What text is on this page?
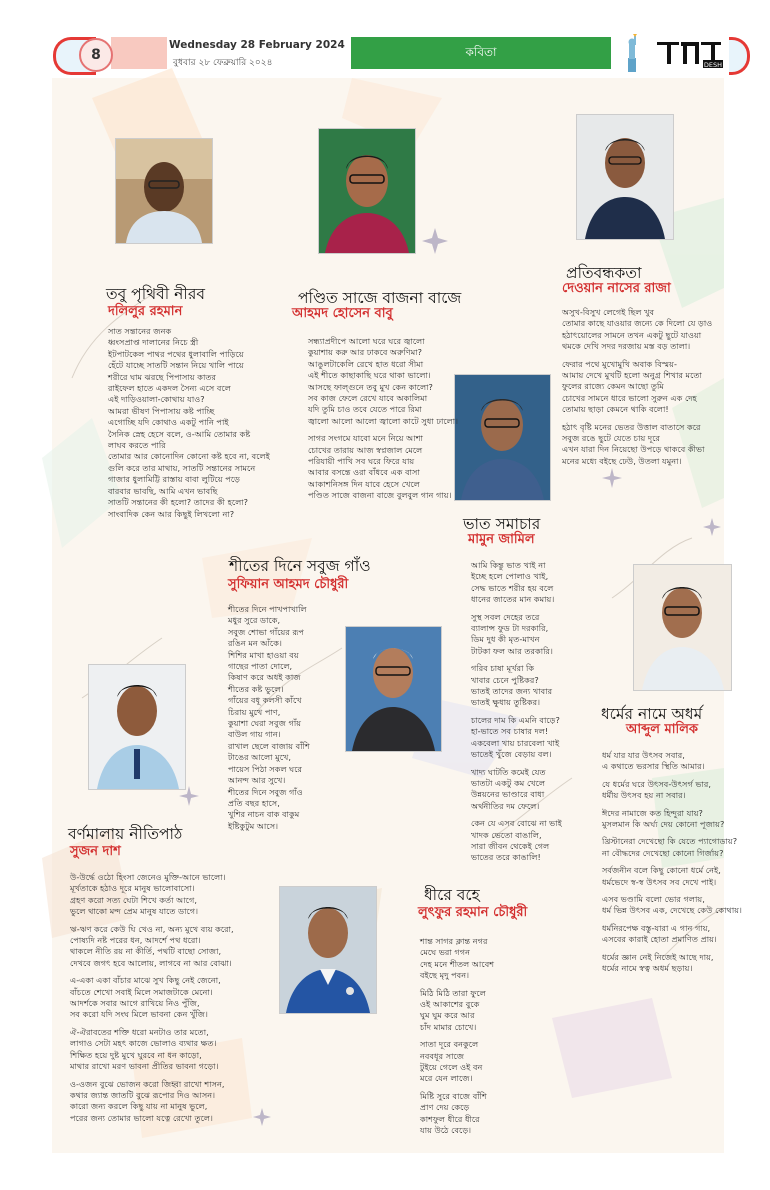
8
Wednesday 28 February 2024
বুধবার ২৮ ফেব্রুয়ারি ২০২৪
কবিতা
DESH
তবু পৃথিবী নীরব
দলিলুর রহমান

সাত সন্তানের জনক

ধ্বংসপ্রাপ্ত দালানের নিচে স্ত্রী

ইটপাটকেল পাথর পথের ধুলাবালি পাড়িয়ে

হেঁটে যাচ্ছে সাতটি সন্তান নিয়ে খালি পায়ে

শরীরে ঘাম ঝরছে পিপাসায় কাতর

রাইফেল হাতে একদল সৈন্য এসে বলে

এই দাড়িওয়ালা-কোথায় যাও?

আমরা ভীষণ পিপাসায় কষ্ট পাচ্ছি

এগোচ্ছি যদি কোথাও একটু পানি পাই

সৈনিক স্নেহ হেসে বলে, ও-আমি তোমার কষ্ট

লাঘব করতে পারি

তোমার আর কোনোদিন কোনো কষ্ট হবে না, বলেই

গুলি করে তার মাথায়, সাতটি সন্তানের সামনে

গাজার ধুলামিট্টি রাস্তায় বাবা লুটিয়ে পড়ে

বারবার ভাবছি, আমি এখন ভাবছি

সাতটি সন্তানের কী হলো? তাদের কী হলো?

সাংবাদিক কেন আর কিছুই লিখলো না?

পণ্ডিত সাজে বাজনা বাজে
আহমদ হোসেন বাবু

সন্ধ্যাপ্রদীপে আলো ঘরে ঘরে জ্বালো
কুয়াশায় করু আর ঢাকবে অরুণিমা?
আঙুলটাকেলি রেখে হাত ধরো সীমা
এই শীতে কাছাকাছি ঘরে থাকা ভালো।
আসছে ফাল্গুনে তবু মুখ কেন কালো?
সব কাজ ফেলে রেখে যাবে অকালিমা
যদি তুমি চাও তবে যেতে পারে রিমা
জ্বালো আলো আলো জ্বালো কাটে সুধা ঢালো।

সাগর সংগমে যাবো মনে নিয়ে আশা
চোখের তারায় আজ স্বপ্নজাল মেলে
পরিযায়ী পাখি সব ঘরে ফিরে যায়
আবার বসন্তে ওরা বাঁধবে এক বাসা
আকাশনিসঙ্গ দিন যাবে হেসে খেলে
পণ্ডিত সাজে বাজনা বাজে বুলবুল গান গায়।

প্রতিবন্ধকতা
দেওয়ান নাসের রাজা

অসুখ-বিসুখ লেগেই ছিল খুব
তোমার কাছে যাওয়ার জন্যে কে দিলো যে ড়াও
হঠাৎয়োলের সামনে তখন একটু ছুটে যাওয়া
থমকে দেখি সদর দরজায় মস্ত বড় তালা।

ফেরার পথে মুখোমুখি অবাক বিস্ময়-
আমায় দেখে মুখটি হলো অনুগ্র শিখার মতো
ফুলের রাজ্যে কেমন আছো তুমি
চোখের সামনে ধারে ভালো সুরুন এক দেহ
তোমায় ছাড়া কেমনে থাকি বলো!

হঠাৎ বৃষ্টি মনের ভেতর উত্তাল বাতাসে করে
সবুজ রঙে ছুটে যেতে চায় দূরে
এখন যারা দিন নিয়েছো উপড়ে থাকবে কীভা
মনের মধ্যে বইছে ঢেউ, উতলা যমুনা।

ভাত সমাচার
মামুন জামিল

আমি কিন্তু ভাত খাই না
ইচ্ছে হলে পোলাও খাই,
সেদ্ধ ভাতে শরীর হয় বলে
ধানের জাতের মান কমায়।

সুস্থ সবল দেহের তরে
ব্যালান্স ফুড টা দরকারি,
ডিম দুধ কী মৃত-মাখন
টাটকা ফল আর তরকারি।

গরিব চাষা মূর্খরা কি
খাবার চেনে পুষ্টিকর?
ভাতই তাদের জন্য খাবার
ভাতই ক্ষুধায় তুষ্টিকর।

চালের দাম কি এমনি বাড়ে?
হা-ভাতে সব চাষার দল!
একবেলা খায় চারবেলা খাই
ভাতেই খুঁজে বেড়ায় বল।

খাদ্য ঘাটতি কমেই যেত
ভাতটা একটু কম খেলে
উন্নয়নের ভাণ্ডারে বাধা
অর্থনীতির দম ফেলে।

কেন যে এসব বোঝে না ভাই
খাদক ভেতো বাঙালি,
সারা জীবন থেকেই গেল
ভাতের তরে কাঙালি!

শীতের দিনে সবুজ গাঁও
সুফিয়ান আহমদ চৌধুরী

শীতের দিনে পাখপাখালি

মধুর সুরে ডাকে,

সবুজ শোভা গাঁয়ের রূপ

রঙিন মন আঁকে।

শিশির মাখা হাওয়া বয়

গাছের পাতা দোলে,

কিষাণ করে অধই কাজ

শীতের কষ্ট ভুলে।

গাঁয়ের বধূ কলসী কাঁখে

চিরায় মুখে পাণ,

কুয়াশা ঘেরা সবুজ গাঁয়

বাউল গায় গান।

রাখাল ছেলে বাজায় বাঁশি

টাঙের আলো মুখে,

পায়েস পিঠা সকল ঘরে

আনন্দ আর সুখে।

শীতের দিনে সবুজ গাঁও

প্রতি বছর হাসে,

খুশির নাচন বাক বাকুম

ইষ্টিকুটুম আসে।

ধর্মের নামে অধর্ম
আব্দুল মালিক

ধর্ম যার যার উৎসব সবার,
এ কথাতে ভরসার স্থিতি আমার।

যে ধর্মের ঘরে উৎসব-উৎসর্গ ভার,
ধর্মীয় উৎসব হয় না সবার।

ঈদের নামাজে কত হিন্দুরা যায়?
মুসলমান কি অর্ঘ্য দেয় কোনো পূজায়?

খ্রিস্টানেরা দেখেছো কি যেতে প্যাগোডায়?
না বৌদ্ধদের দেখেছো কোনো গির্জায়?

সর্বজনীন বলে কিছু কোনো ধর্মে নেই,
ধর্মভেদে স্ব-স্ব উৎসব সব দেখে পাই।

এসব ভণ্ডামি বলো ভোর গলায়,
ধর্ম ভিন্ন উৎসব এক, দেখেছে কেউ কোথায়।

ধর্মনিরপেক্ষ বস্তু-যারা এ গান গায়,
এসবের কারাই হোতা প্রমাণিত প্রায়।

ধর্মের জ্ঞান নেই নিজেই আছে দায়,
ধর্মের নামে স্বত্ব অধর্ম ছড়ায়।

বর্ণমালায় নীতিপাঠ
সুজন দাশ

উ-উর্দ্ধে ওঠো হিংসা জেনেও মুক্তি-আনে ভালো।
মূর্খতাকে হঠাও দূরে মানুষ ভালোবাসো।
গ্রহণ করো সত্য ঘেটা শিখে কর্তা আগে,
ভুলে থাকো মন্দ প্রেম মানুষ যাতে ডাগে।

ঋ-ঋণ করে কেউ ঘি খেও না, অন্য মুখে ব্যয় করো,
পোষ্যদি নষ্ট পরের ধন, আদর্শে পথ ধরো।
থাকলে নীতি রয় না কীর্তি, পথটি বাছো সোজা,
দেখবে জগৎ হবে আলোয়, লাগবে না আর বোঝা।

এ-একা একা বাঁচার মাঝে সুখ কিছু নেই জেনো,
বাঁচতে শেখো সবাই মিলে সমাজটাকে মেনো।
আদর্শকে সবার আগে রাখিয়ে নিও পুঁজি,
সব করো যদি সংঘ মিলে ভাবনা কেন খুঁজি।

ঐ-ঐরাবতের শক্তি ধরো মনটাও তার মতো,
লাগাও সেটা মহৎ কাজে ভোলাও ব্যথার ক্ষত।
শিক্ষিত হয়ে দুষ্ট মুখে ঘুরবে না ধন কাড়ো,
মাথার রাখো মরণ ভাবনা প্রীতির ভাবনা গড়ো।

ও-ওজন বুঝে ভোজন করো জিহ্বা রাখো শাসন,
কথার জ্যান্ত জাতটি বুঝে রূপোর দিও আসন।
কারো জন্য করলে কিছু যায় না মানুষ ভুলে,
পরের জন্য তোমার ভালো যত্নে রেখো তুলে।

ধীরে বহে
লুৎফুর রহমান চৌধুরী

শান্ত সাগর ক্লান্ত নগর
মেঘে ভরা গগন
দেহ মনে শীতল আবেশ
বইছে মৃদু পবন।

মিঠি মিঠি তারা ফুলে
ওই আকাশের বুকে
ঘুম ঘুম করে আর
চাঁদ মামার চোখে।

সাতা দূরে বনকুলে
নববধূর সাজে
টুইয়ে গেলে ওই বন
মরে যেন লাজে।

মিষ্টি সুরে বাজে বাঁশি
প্রাণ দেয় কেড়ে
কাশফুল ধীরে ধীরে
যায় উঠে বেড়ে।
